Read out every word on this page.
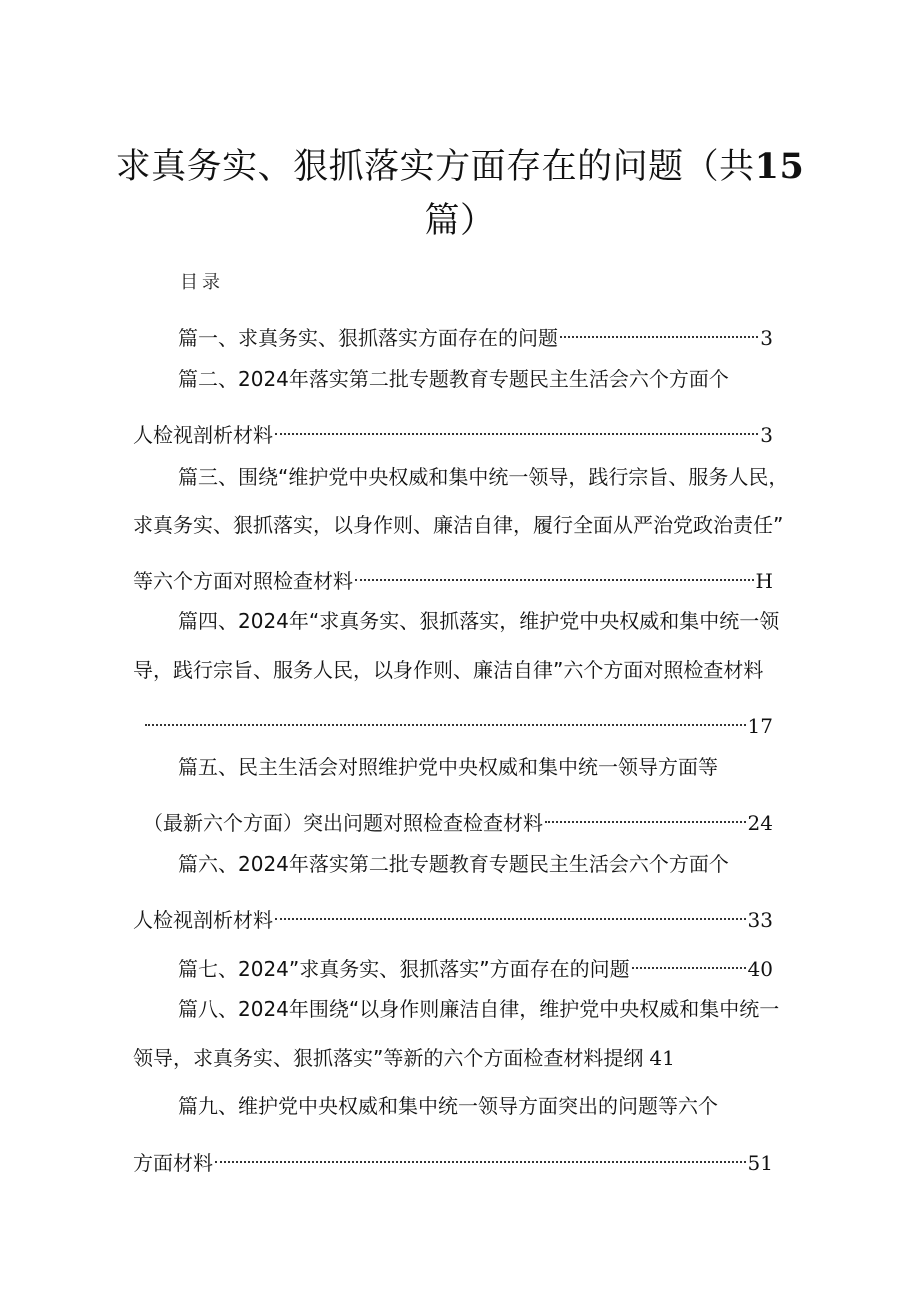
求真务实、狠抓落实方面存在的问题（共15
篇）
目录
篇一、求真务实、狠抓落实方面存在的问题	3
篇二、2024年落实第二批专题教育专题民主生活会六个方面个
人检视剖析材料	3
篇三、围绕“维护党中央权威和集中统一领导，践行宗旨、服务人民，
求真务实、狠抓落实，以身作则、廉洁自律，履行全面从严治党政治责任”
等六个方面对照检查材料	H
篇四、2024年“求真务实、狠抓落实，维护党中央权威和集中统一领
导，践行宗旨、服务人民，以身作则、廉洁自律”六个方面对照检查材料
17
篇五、民主生活会对照维护党中央权威和集中统一领导方面等
（最新六个方面）突出问题对照检查检查材料	24
篇六、2024年落实第二批专题教育专题民主生活会六个方面个
人检视剖析材料	33
篇七、2024”求真务实、狠抓落实”方面存在的问题	40
篇八、2024年围绕“以身作则廉洁自律，维护党中央权威和集中统一
领导，求真务实、狠抓落实”等新的六个方面检查材料提纲 41
篇九、维护党中央权威和集中统一领导方面突出的问题等六个
方面材料	51
